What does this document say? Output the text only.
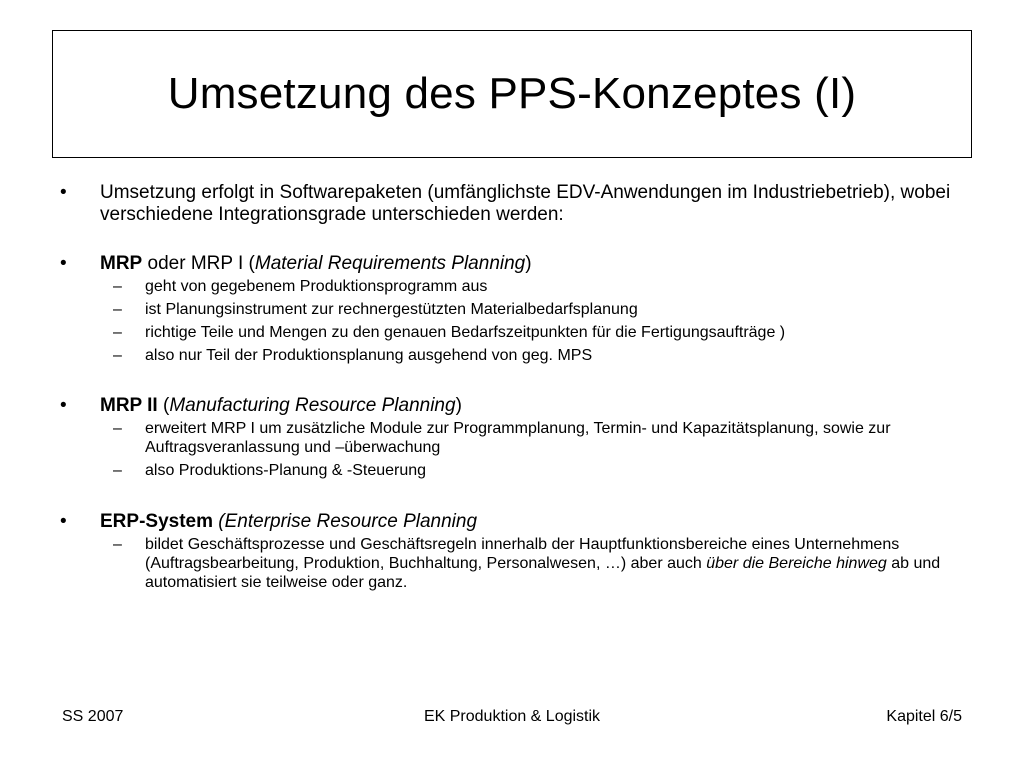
Umsetzung des PPS-Konzeptes (I)
•	Umsetzung erfolgt in Softwarepaketen (umfänglichste EDV-Anwendungen im Industriebetrieb), wobei verschiedene Integrationsgrade unterschieden werden:
•	MRP oder MRP I (Material Requirements Planning)
– geht von gegebenem Produktionsprogramm aus
– ist Planungsinstrument zur rechnergestützten Materialbedarfsplanung
– richtige Teile und Mengen zu den genauen Bedarfszeitpunkten für die Fertigungsaufträge )
– also nur Teil der Produktionsplanung ausgehend von geg. MPS
•	MRP II (Manufacturing Resource Planning)
– erweitert MRP I um zusätzliche Module zur Programmplanung, Termin- und Kapazitätsplanung, sowie zur Auftragsveranlassung und –überwachung
– also Produktions-Planung & -Steuerung
•	ERP-System (Enterprise Resource Planning
– bildet Geschäftsprozesse und Geschäftsregeln innerhalb der Hauptfunktionsbereiche eines Unternehmens (Auftragsbearbeitung, Produktion, Buchhaltung, Personalwesen, …) aber auch über die Bereiche hinweg ab und automatisiert sie teilweise oder ganz.
EK Produktion & Logistik
SS 2007	Kapitel 6/5
